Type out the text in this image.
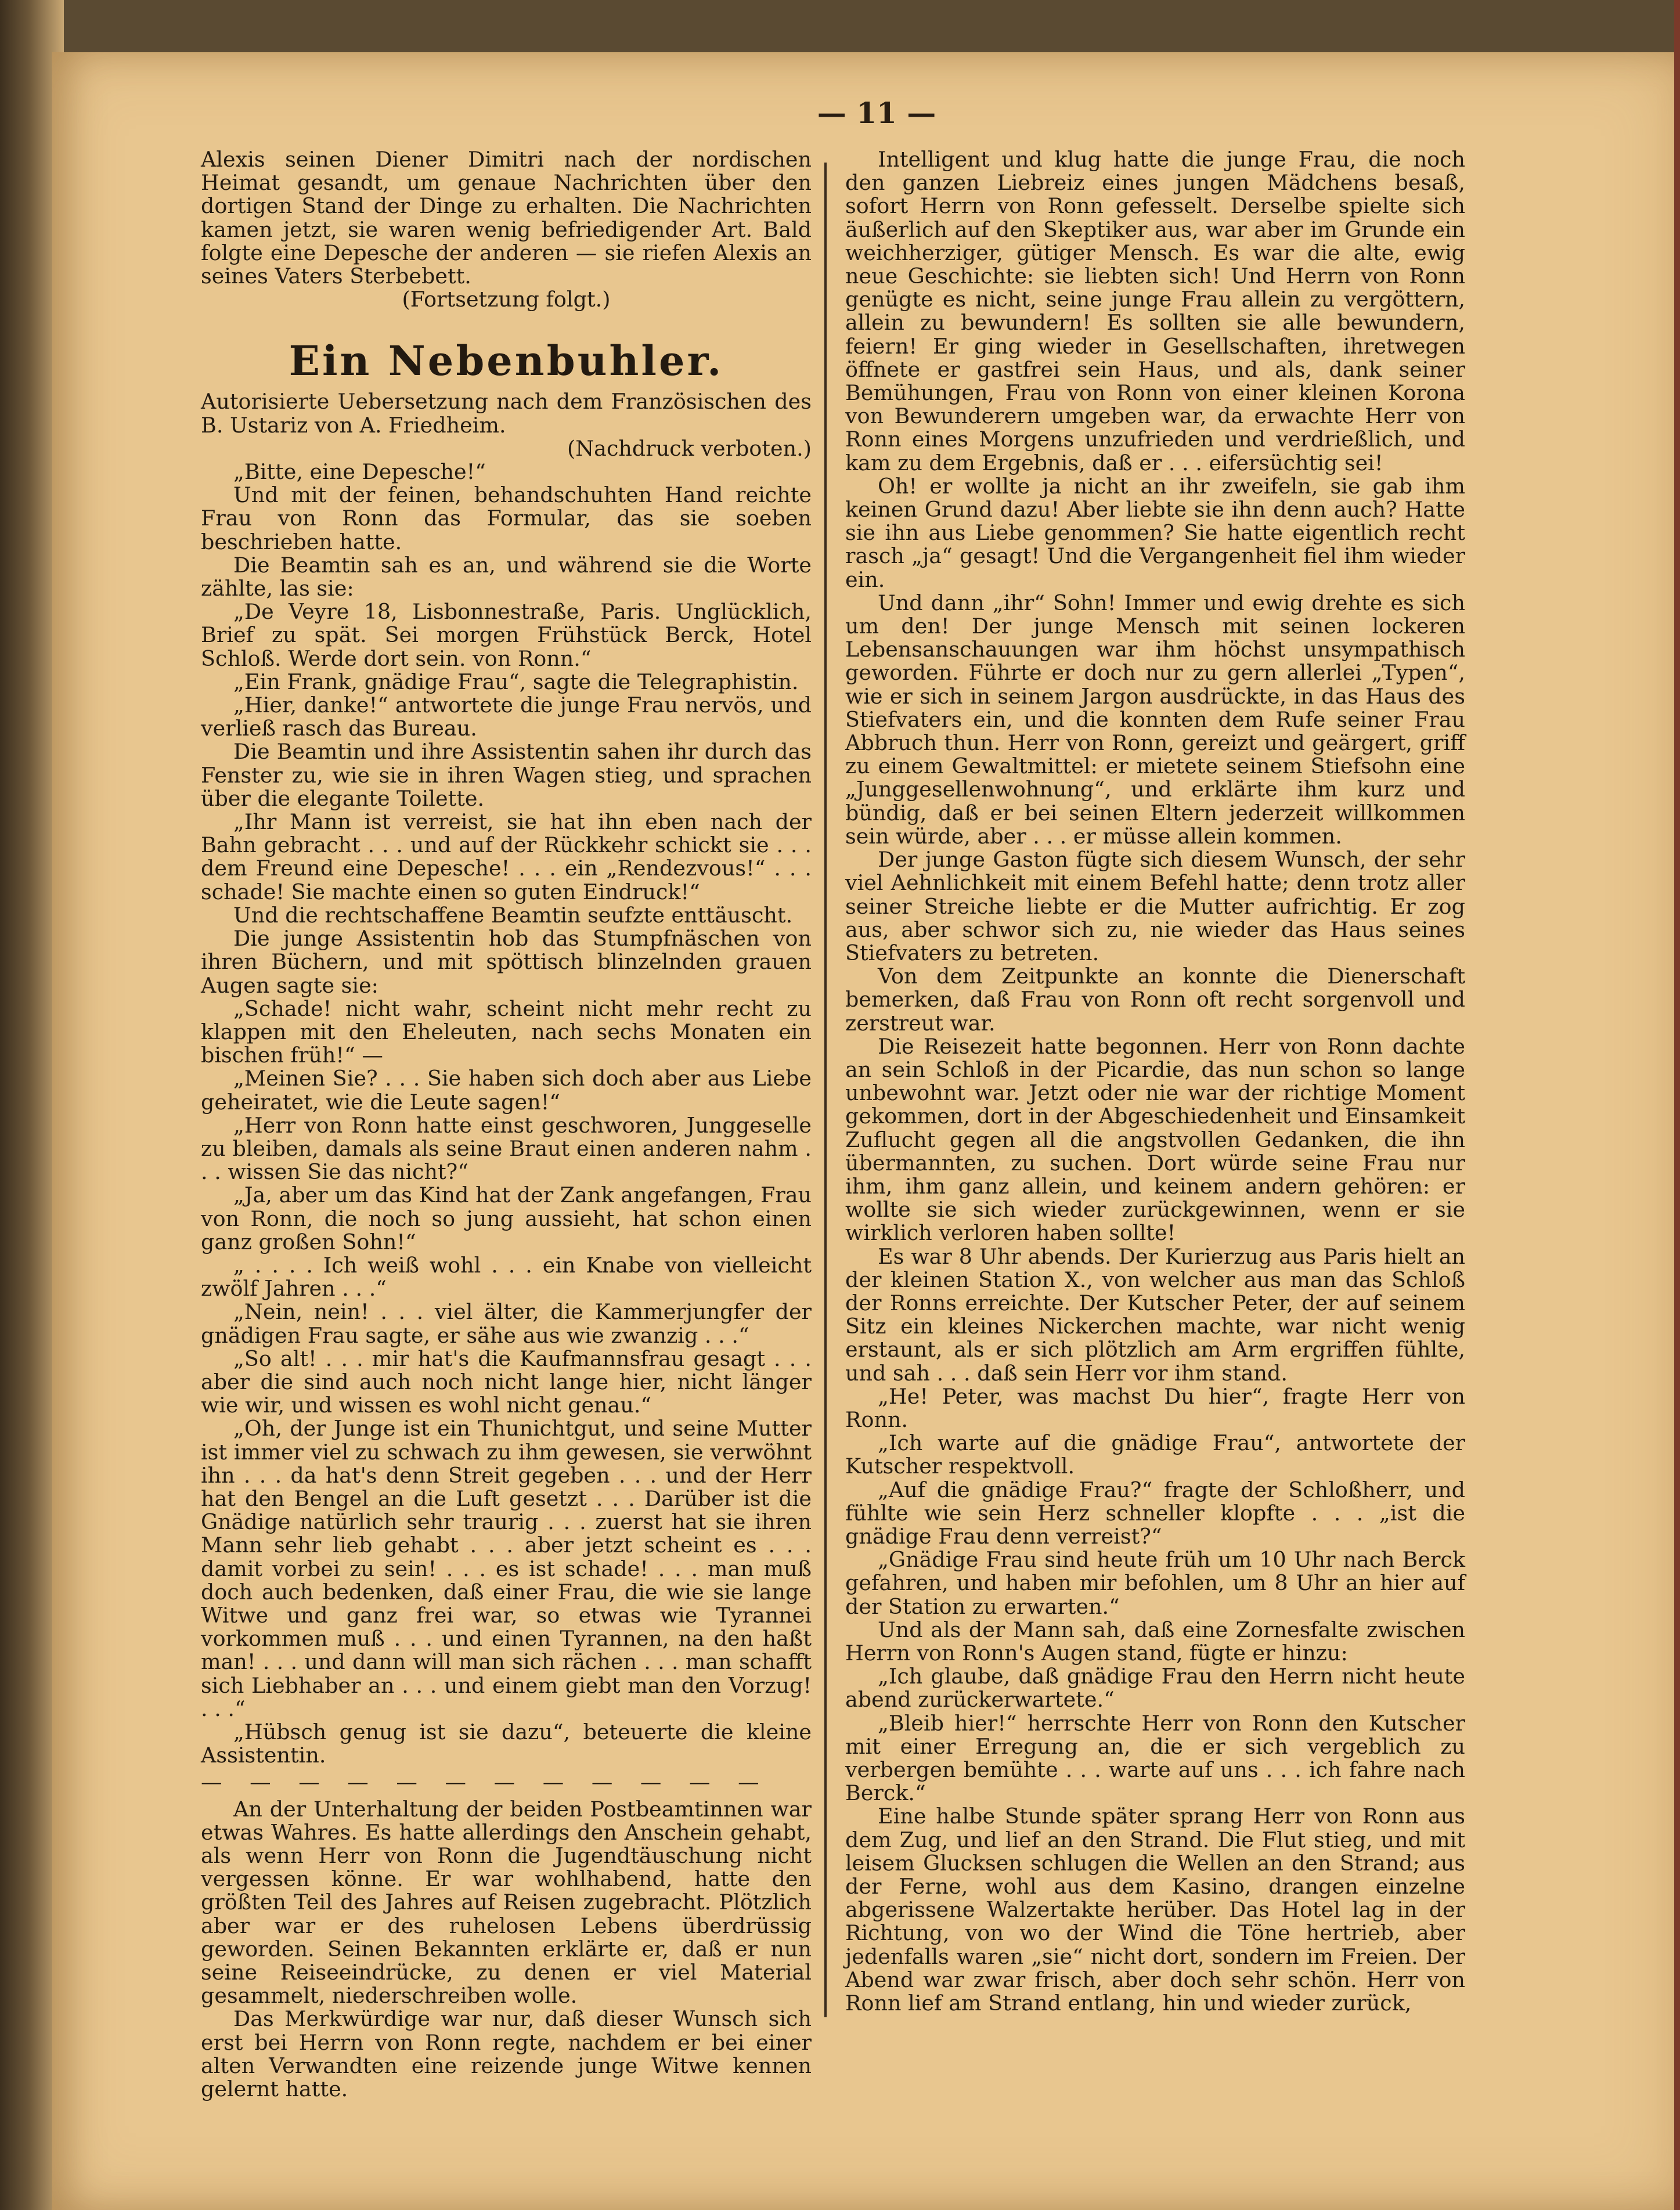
— 11 —

Alexis seinen Diener Dimitri nach der nordischen Heimat gesandt, um genaue Nachrichten über den dortigen Stand der Dinge zu erhalten. Die Nachrichten kamen jetzt, sie waren wenig befriedigender Art. Bald folgte eine Depesche der anderen — sie riefen Alexis an seines Vaters Sterbebett.

(Fortsetzung folgt.)

Ein Nebenbuhler.

Autorisierte Uebersetzung nach dem Französischen des B. Ustariz von A. Friedheim.

(Nachdruck verboten.)

„Bitte, eine Depesche!“

Und mit der feinen, behandschuhten Hand reichte Frau von Ronn das Formular, das sie soeben beschrieben hatte.

Die Beamtin sah es an, und während sie die Worte zählte, las sie:

„De Veyre 18, Lisbonnestraße, Paris. Unglücklich, Brief zu spät. Sei morgen Frühstück Berck, Hotel Schloß. Werde dort sein. von Ronn.“

„Ein Frank, gnädige Frau“, sagte die Telegraphistin.

„Hier, danke!“ antwortete die junge Frau nervös, und verließ rasch das Bureau.

Die Beamtin und ihre Assistentin sahen ihr durch das Fenster zu, wie sie in ihren Wagen stieg, und sprachen über die elegante Toilette.

„Ihr Mann ist verreist, sie hat ihn eben nach der Bahn gebracht . . . und auf der Rückkehr schickt sie . . . dem Freund eine Depesche! . . . ein „Rendezvous!“ . . . schade! Sie machte einen so guten Eindruck!“

Und die rechtschaffene Beamtin seufzte enttäuscht.

Die junge Assistentin hob das Stumpfnäschen von ihren Büchern, und mit spöttisch blinzelnden grauen Augen sagte sie:

„Schade! nicht wahr, scheint nicht mehr recht zu klappen mit den Eheleuten, nach sechs Monaten ein bischen früh!“ —

„Meinen Sie? . . . Sie haben sich doch aber aus Liebe geheiratet, wie die Leute sagen!“

„Herr von Ronn hatte einst geschworen, Junggeselle zu bleiben, damals als seine Braut einen anderen nahm . . . wissen Sie das nicht?“

„Ja, aber um das Kind hat der Zank angefangen, Frau von Ronn, die noch so jung aussieht, hat schon einen ganz großen Sohn!“

„ . . . . Ich weiß wohl . . . ein Knabe von vielleicht zwölf Jahren . . .“

„Nein, nein! . . . viel älter, die Kammerjungfer der gnädigen Frau sagte, er sähe aus wie zwanzig . . .“

„So alt! . . . mir hat's die Kaufmannsfrau gesagt . . . aber die sind auch noch nicht lange hier, nicht länger wie wir, und wissen es wohl nicht genau.“

„Oh, der Junge ist ein Thunichtgut, und seine Mutter ist immer viel zu schwach zu ihm gewesen, sie verwöhnt ihn . . . da hat's denn Streit gegeben . . . und der Herr hat den Bengel an die Luft gesetzt . . . Darüber ist die Gnädige natürlich sehr traurig . . . zuerst hat sie ihren Mann sehr lieb gehabt . . . aber jetzt scheint es . . . damit vorbei zu sein! . . . es ist schade! . . . man muß doch auch bedenken, daß einer Frau, die wie sie lange Witwe und ganz frei war, so etwas wie Tyrannei vorkommen muß . . . und einen Tyrannen, na den haßt man! . . . und dann will man sich rächen . . . man schafft sich Liebhaber an . . . und einem giebt man den Vorzug! . . .“

„Hübsch genug ist sie dazu“, beteuerte die kleine Assistentin.

— — — — — — — — — — — —

An der Unterhaltung der beiden Postbeamtinnen war etwas Wahres. Es hatte allerdings den Anschein gehabt, als wenn Herr von Ronn die Jugendtäuschung nicht vergessen könne. Er war wohlhabend, hatte den größten Teil des Jahres auf Reisen zugebracht. Plötzlich aber war er des ruhelosen Lebens überdrüssig geworden. Seinen Bekannten erklärte er, daß er nun seine Reiseeindrücke, zu denen er viel Material gesammelt, niederschreiben wolle.

Das Merkwürdige war nur, daß dieser Wunsch sich erst bei Herrn von Ronn regte, nachdem er bei einer alten Verwandten eine reizende junge Witwe kennen gelernt hatte.

Intelligent und klug hatte die junge Frau, die noch den ganzen Liebreiz eines jungen Mädchens besaß, sofort Herrn von Ronn gefesselt. Derselbe spielte sich äußerlich auf den Skeptiker aus, war aber im Grunde ein weichherziger, gütiger Mensch. Es war die alte, ewig neue Geschichte: sie liebten sich! Und Herrn von Ronn genügte es nicht, seine junge Frau allein zu vergöttern, allein zu bewundern! Es sollten sie alle bewundern, feiern! Er ging wieder in Gesellschaften, ihretwegen öffnete er gastfrei sein Haus, und als, dank seiner Bemühungen, Frau von Ronn von einer kleinen Korona von Bewunderern umgeben war, da erwachte Herr von Ronn eines Morgens unzufrieden und verdrießlich, und kam zu dem Ergebnis, daß er . . . eifersüchtig sei!

Oh! er wollte ja nicht an ihr zweifeln, sie gab ihm keinen Grund dazu! Aber liebte sie ihn denn auch? Hatte sie ihn aus Liebe genommen? Sie hatte eigentlich recht rasch „ja“ gesagt! Und die Vergangenheit fiel ihm wieder ein.

Und dann „ihr“ Sohn! Immer und ewig drehte es sich um den! Der junge Mensch mit seinen lockeren Lebensanschauungen war ihm höchst unsympathisch geworden. Führte er doch nur zu gern allerlei „Typen“, wie er sich in seinem Jargon ausdrückte, in das Haus des Stiefvaters ein, und die konnten dem Rufe seiner Frau Abbruch thun. Herr von Ronn, gereizt und geärgert, griff zu einem Gewaltmittel: er mietete seinem Stiefsohn eine „Junggesellenwohnung“, und erklärte ihm kurz und bündig, daß er bei seinen Eltern jederzeit willkommen sein würde, aber . . . er müsse allein kommen.

Der junge Gaston fügte sich diesem Wunsch, der sehr viel Aehnlichkeit mit einem Befehl hatte; denn trotz aller seiner Streiche liebte er die Mutter aufrichtig. Er zog aus, aber schwor sich zu, nie wieder das Haus seines Stiefvaters zu betreten.

Von dem Zeitpunkte an konnte die Dienerschaft bemerken, daß Frau von Ronn oft recht sorgenvoll und zerstreut war.

Die Reisezeit hatte begonnen. Herr von Ronn dachte an sein Schloß in der Picardie, das nun schon so lange unbewohnt war. Jetzt oder nie war der richtige Moment gekommen, dort in der Abgeschiedenheit und Einsamkeit Zuflucht gegen all die angstvollen Gedanken, die ihn übermannten, zu suchen. Dort würde seine Frau nur ihm, ihm ganz allein, und keinem andern gehören: er wollte sie sich wieder zurückgewinnen, wenn er sie wirklich verloren haben sollte!

Es war 8 Uhr abends. Der Kurierzug aus Paris hielt an der kleinen Station X., von welcher aus man das Schloß der Ronns erreichte. Der Kutscher Peter, der auf seinem Sitz ein kleines Nickerchen machte, war nicht wenig erstaunt, als er sich plötzlich am Arm ergriffen fühlte, und sah . . . daß sein Herr vor ihm stand.

„He! Peter, was machst Du hier“, fragte Herr von Ronn.

„Ich warte auf die gnädige Frau“, antwortete der Kutscher respektvoll.

„Auf die gnädige Frau?“ fragte der Schloßherr, und fühlte wie sein Herz schneller klopfte . . . „ist die gnädige Frau denn verreist?“

„Gnädige Frau sind heute früh um 10 Uhr nach Berck gefahren, und haben mir befohlen, um 8 Uhr an hier auf der Station zu erwarten.“

Und als der Mann sah, daß eine Zornesfalte zwischen Herrn von Ronn's Augen stand, fügte er hinzu:

„Ich glaube, daß gnädige Frau den Herrn nicht heute abend zurückerwartete.“

„Bleib hier!“ herrschte Herr von Ronn den Kutscher mit einer Erregung an, die er sich vergeblich zu verbergen bemühte . . . warte auf uns . . . ich fahre nach Berck.“

Eine halbe Stunde später sprang Herr von Ronn aus dem Zug, und lief an den Strand. Die Flut stieg, und mit leisem Glucksen schlugen die Wellen an den Strand; aus der Ferne, wohl aus dem Kasino, drangen einzelne abgerissene Walzertakte herüber. Das Hotel lag in der Richtung, von wo der Wind die Töne hertrieb, aber jedenfalls waren „sie“ nicht dort, sondern im Freien. Der Abend war zwar frisch, aber doch sehr schön. Herr von Ronn lief am Strand entlang, hin und wieder zurück,
